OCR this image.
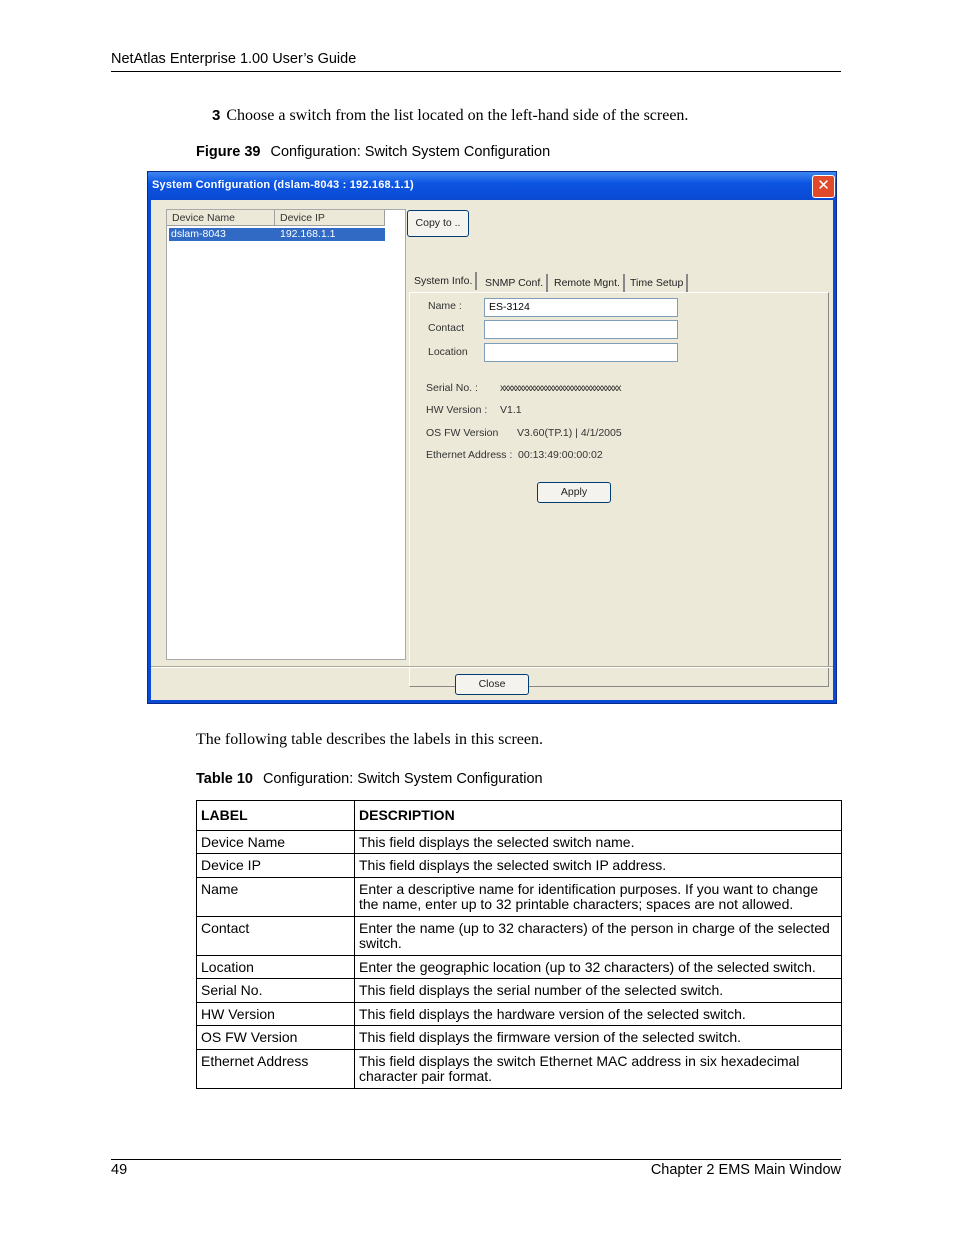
NetAtlas Enterprise 1.00 User’s Guide
3 Choose a switch from the list located on the left-hand side of the screen.
Figure 39 Configuration: Switch System Configuration
System Configuration (dslam-8043 : 192.168.1.1)	✕
Device Name	Device IP
dslam-8043	192.168.1.1
Copy to ..
System Info.	SNMP Conf.	Remote Mgnt. Time Setup
Name :	ES-3124
Contact
Location
Serial No. : xxxxxxxxxxxxxxxxxxxxxxxxxxxxxxxx
HW Version : V1.1
OS FW Version V3.60(TP.1) | 4/1/2005
Ethernet Address : 00:13:49:00:00:02
Apply
Close
The following table describes the labels in this screen.
Table 10 Configuration: Switch System Configuration
LABEL	DESCRIPTION
Device Name	This field displays the selected switch name.
Device IP	This field displays the selected switch IP address.
Name	Enter a descriptive name for identification purposes. If you want to change the name, enter up to 32 printable characters; spaces are not allowed.
Contact	Enter the name (up to 32 characters) of the person in charge of the selected switch.
Location	Enter the geographic location (up to 32 characters) of the selected switch.
Serial No.	This field displays the serial number of the selected switch.
HW Version	This field displays the hardware version of the selected switch.
OS FW Version	This field displays the firmware version of the selected switch.
Ethernet Address	This field displays the switch Ethernet MAC address in six hexadecimal character pair format.
49	Chapter 2 EMS Main Window
